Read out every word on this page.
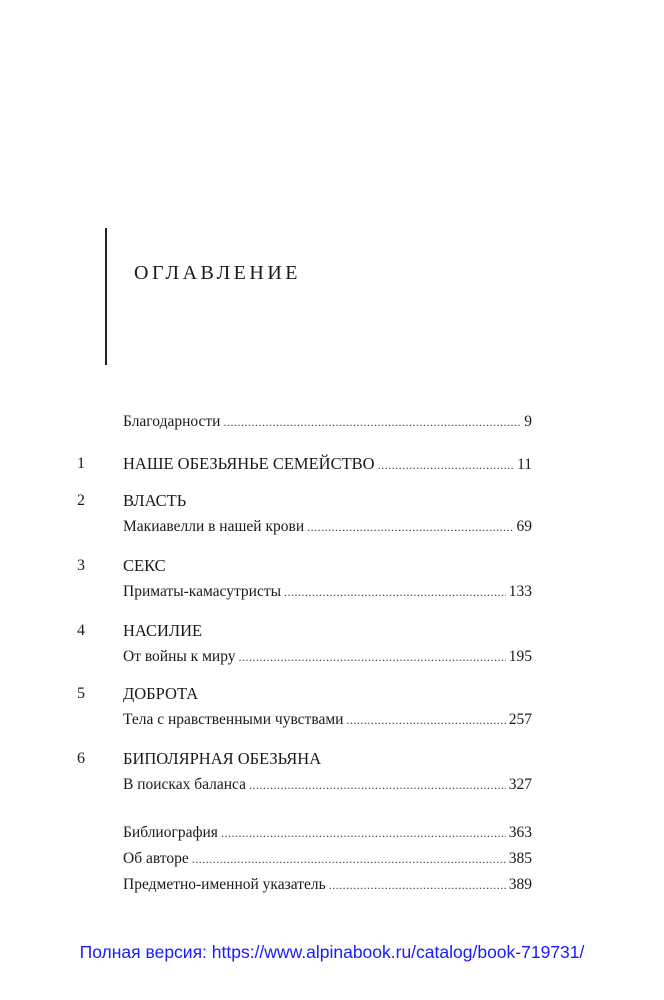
ОГЛАВЛЕНИЕ
Благодарности .....	9
1 НАШЕ ОБЕЗЬЯНЬЕ СЕМЕЙСТВО .....	11
2 ВЛАСТЬ
Макиавелли в нашей крови .....	69
3 СЕКС
Приматы-камасутристы .....	133
4 НАСИЛИЕ
От войны к миру .....	195
5 ДОБРОТА
Тела с нравственными чувствами .....	257
6 БИПОЛЯРНАЯ ОБЕЗЬЯНА
В поисках баланса .....	327
Библиография .....	363
Об авторе .....	385
Предметно-именной указатель .....	389
Полная версия: https://www.alpinabook.ru/catalog/book-719731/
